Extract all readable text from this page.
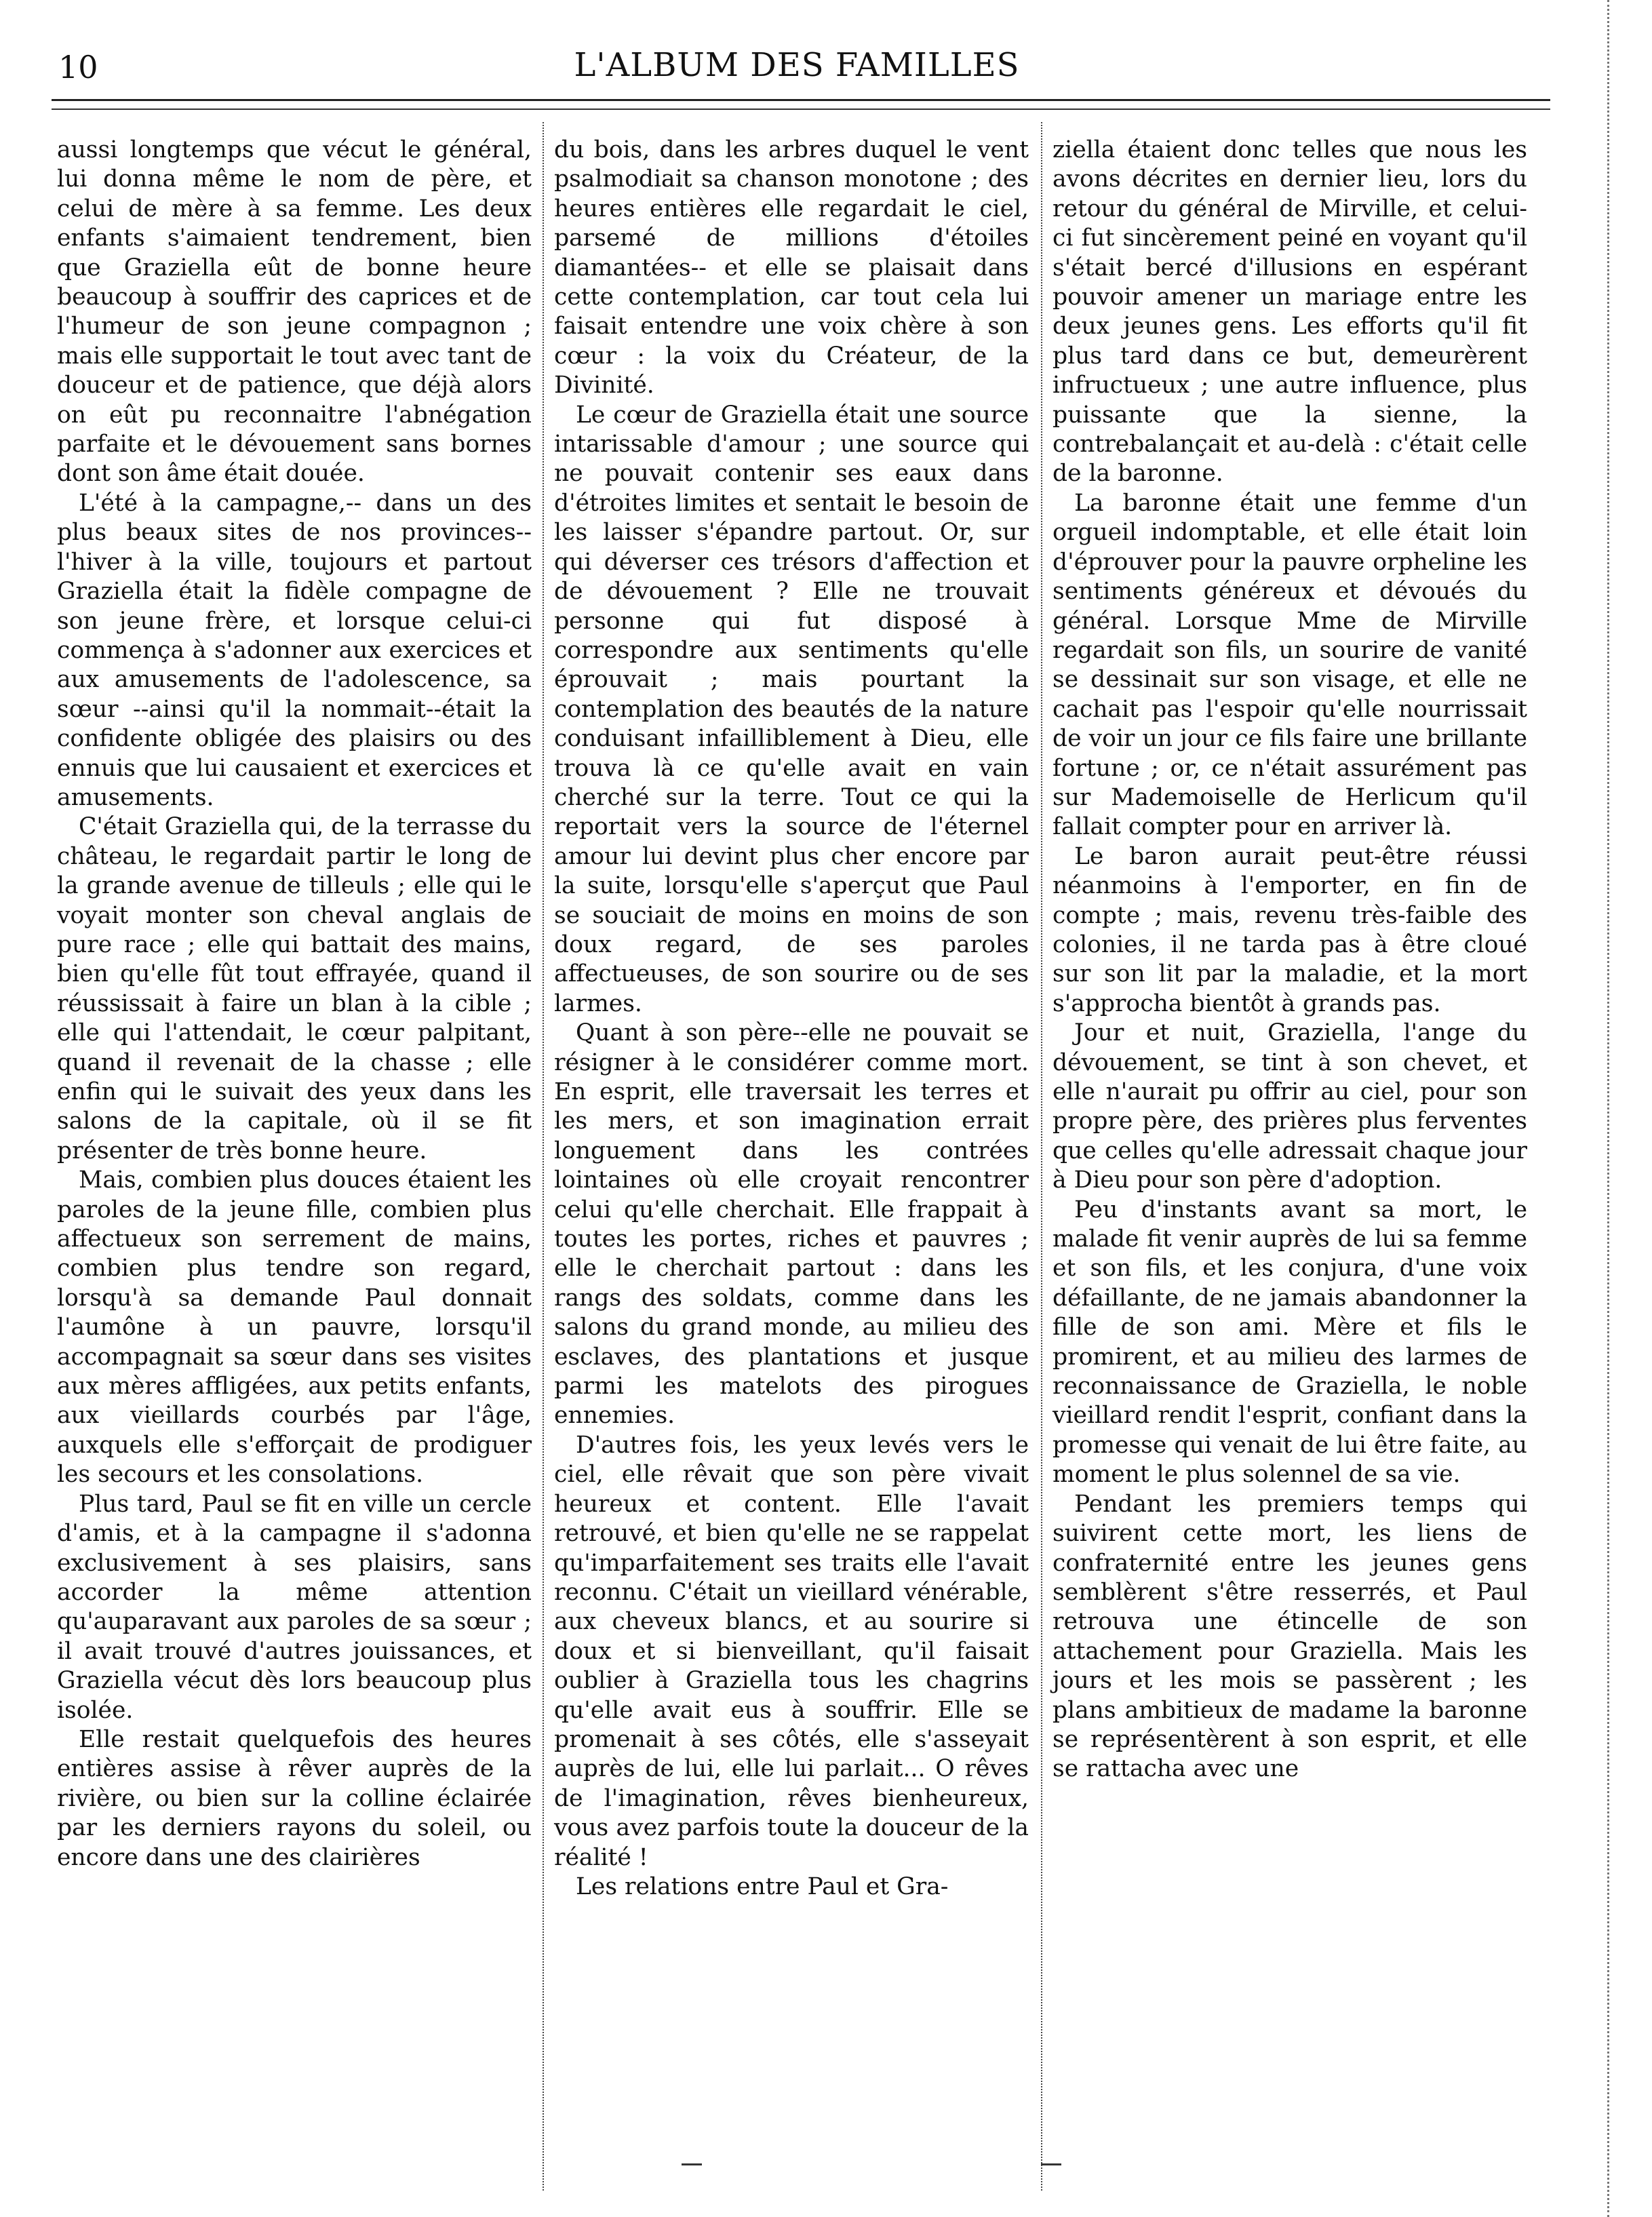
10	L'ALBUM DES FAMILLES

aussi longtemps que vécut le général, lui donna même le nom de père, et celui de mère à sa femme. Les deux enfants s'aimaient tendrement, bien que Graziella eût de bonne heure beaucoup à souffrir des caprices et de l'humeur de son jeune compagnon ; mais elle supportait le tout avec tant de douceur et de patience, que déjà alors on eût pu reconnaitre l'abnégation parfaite et le dévouement sans bornes dont son âme était douée.

L'été à la campagne,-- dans un des plus beaux sites de nos provinces--l'hiver à la ville, toujours et partout Graziella était la fidèle compagne de son jeune frère, et lorsque celui-ci commença à s'adonner aux exercices et aux amusements de l'adolescence, sa sœur --ainsi qu'il la nommait--était la confidente obligée des plaisirs ou des ennuis que lui causaient et exercices et amusements.

C'était Graziella qui, de la terrasse du château, le regardait partir le long de la grande avenue de tilleuls ; elle qui le voyait monter son cheval anglais de pure race ; elle qui battait des mains, bien qu'elle fût tout effrayée, quand il réussissait à faire un blan à la cible ; elle qui l'attendait, le cœur palpitant, quand il revenait de la chasse ; elle enfin qui le suivait des yeux dans les salons de la capitale, où il se fit présenter de très bonne heure.

Mais, combien plus douces étaient les paroles de la jeune fille, combien plus affectueux son serrement de mains, combien plus tendre son regard, lorsqu'à sa demande Paul donnait l'aumône à un pauvre, lorsqu'il accompagnait sa sœur dans ses visites aux mères affligées, aux petits enfants, aux vieillards courbés par l'âge, auxquels elle s'efforçait de prodiguer les secours et les consolations.

Plus tard, Paul se fit en ville un cercle d'amis, et à la campagne il s'adonna exclusivement à ses plaisirs, sans accorder la même attention qu'auparavant aux paroles de sa sœur ; il avait trouvé d'autres jouissances, et Graziella vécut dès lors beaucoup plus isolée.

Elle restait quelquefois des heures entières assise à rêver auprès de la rivière, ou bien sur la colline éclairée par les derniers rayons du soleil, ou encore dans une des clairières

du bois, dans les arbres duquel le vent psalmodiait sa chanson monotone ; des heures entières elle regardait le ciel, parsemé de millions d'étoiles diamantées-- et elle se plaisait dans cette contemplation, car tout cela lui faisait entendre une voix chère à son cœur : la voix du Créateur, de la Divinité.

Le cœur de Graziella était une source intarissable d'amour ; une source qui ne pouvait contenir ses eaux dans d'étroites limites et sentait le besoin de les laisser s'épandre partout. Or, sur qui déverser ces trésors d'affection et de dévouement ? Elle ne trouvait personne qui fut disposé à correspondre aux sentiments qu'elle éprouvait ; mais pourtant la contemplation des beautés de la nature conduisant infailliblement à Dieu, elle trouva là ce qu'elle avait en vain cherché sur la terre. Tout ce qui la reportait vers la source de l'éternel amour lui devint plus cher encore par la suite, lorsqu'elle s'aperçut que Paul se souciait de moins en moins de son doux regard, de ses paroles affectueuses, de son sourire ou de ses larmes.

Quant à son père--elle ne pouvait se résigner à le considérer comme mort. En esprit, elle traversait les terres et les mers, et son imagination errait longuement dans les contrées lointaines où elle croyait rencontrer celui qu'elle cherchait. Elle frappait à toutes les portes, riches et pauvres ; elle le cherchait partout : dans les rangs des soldats, comme dans les salons du grand monde, au milieu des esclaves, des plantations et jusque parmi les matelots des pirogues ennemies.

D'autres fois, les yeux levés vers le ciel, elle rêvait que son père vivait heureux et content. Elle l'avait retrouvé, et bien qu'elle ne se rappelat qu'imparfaitement ses traits elle l'avait reconnu. C'était un vieillard vénérable, aux cheveux blancs, et au sourire si doux et si bienveillant, qu'il faisait oublier à Graziella tous les chagrins qu'elle avait eus à souffrir. Elle se promenait à ses côtés, elle s'asseyait auprès de lui, elle lui parlait... O rêves de l'imagination, rêves bienheureux, vous avez parfois toute la douceur de la réalité !

Les relations entre Paul et Gra-

ziella étaient donc telles que nous les avons décrites en dernier lieu, lors du retour du général de Mirville, et celui-ci fut sincèrement peiné en voyant qu'il s'était bercé d'illusions en espérant pouvoir amener un mariage entre les deux jeunes gens. Les efforts qu'il fit plus tard dans ce but, demeurèrent infructueux ; une autre influence, plus puissante que la sienne, la contrebalançait et au-delà : c'était celle de la baronne.

La baronne était une femme d'un orgueil indomptable, et elle était loin d'éprouver pour la pauvre orpheline les sentiments généreux et dévoués du général. Lorsque Mme de Mirville regardait son fils, un sourire de vanité se dessinait sur son visage, et elle ne cachait pas l'espoir qu'elle nourrissait de voir un jour ce fils faire une brillante fortune ; or, ce n'était assurément pas sur Mademoiselle de Herlicum qu'il fallait compter pour en arriver là.

Le baron aurait peut-être réussi néanmoins à l'emporter, en fin de compte ; mais, revenu très-faible des colonies, il ne tarda pas à être cloué sur son lit par la maladie, et la mort s'approcha bientôt à grands pas.

Jour et nuit, Graziella, l'ange du dévouement, se tint à son chevet, et elle n'aurait pu offrir au ciel, pour son propre père, des prières plus ferventes que celles qu'elle adressait chaque jour à Dieu pour son père d'adoption.

Peu d'instants avant sa mort, le malade fit venir auprès de lui sa femme et son fils, et les conjura, d'une voix défaillante, de ne jamais abandonner la fille de son ami. Mère et fils le promirent, et au milieu des larmes de reconnaissance de Graziella, le noble vieillard rendit l'esprit, confiant dans la promesse qui venait de lui être faite, au moment le plus solennel de sa vie.

Pendant les premiers temps qui suivirent cette mort, les liens de confraternité entre les jeunes gens semblèrent s'être resserrés, et Paul retrouva une étincelle de son attachement pour Graziella. Mais les jours et les mois se passèrent ; les plans ambitieux de madame la baronne se représentèrent à son esprit, et elle se rattacha avec une
